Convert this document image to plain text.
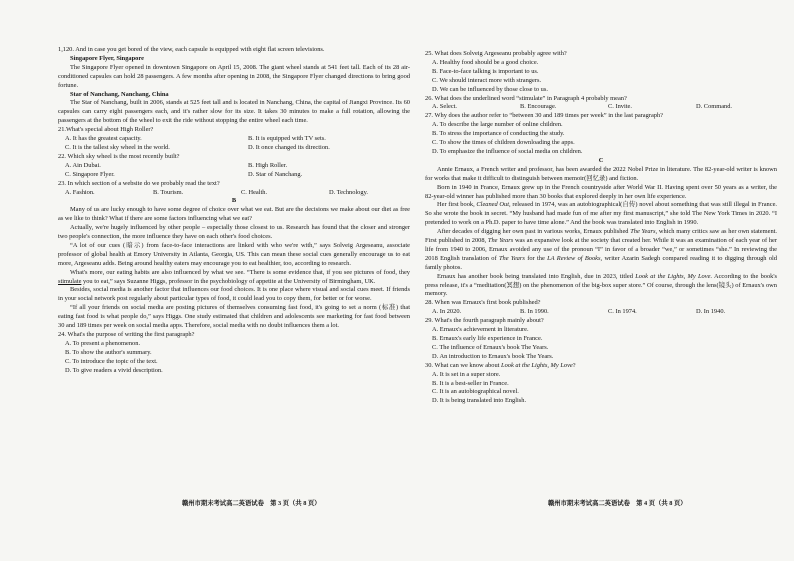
1,120. And in case you get bored of the view, each capsule is equipped with eight flat screen televisions.

Singapore Flyer, Singapore

The Singapore Flyer opened in downtown Singapore on April 15, 2008. The giant wheel stands at 541 feet tall. Each of its 28 air-conditioned capsules can hold 28 passengers. A few months after opening in 2008, the Singapore Flyer changed directions to bring good fortune.

Star of Nanchang, Nanchang, China

The Star of Nanchang, built in 2006, stands at 525 feet tall and is located in Nanchang, China, the capital of Jiangxi Province. Its 60 capsules can carry eight passengers each, and it's rather slow for its size. It takes 30 minutes to make a full rotation, allowing the passengers at the bottom of the wheel to exit the ride without stopping the entire wheel each time.

21.What's special about High Roller?

A. It has the greatest capacity.	B. It is equipped with TV sets.
C. It is the tallest sky wheel in the world.	D. It once changed its direction.

22. Which sky wheel is the most recently built?

A. Ain Dubai.	B. High Roller.
C. Singapore Flyer.	D. Star of Nanchang.

23. In which section of a website do we probably read the text?

A. Fashion.	B. Tourism.	C. Health.	D. Technology.

B

Many of us are lucky enough to have some degree of choice over what we eat. But are the decisions we make about our diet as free as we like to think? What if there are some factors influencing what we eat?

Actually, we're hugely influenced by other people – especially those closest to us. Research has found that the closer and stronger two people's connection, the more influence they have on each other's food choices.

“A lot of our cues (暗示) from face-to-face interactions are linked with who we're with,” says Solveig Argeseanu, associate professor of global health at Emory University in Atlanta, Georgia, US. This can mean these social cues generally encourage us to eat more, Argeseanu adds. Being around healthy eaters may encourage you to eat healthier, too, according to research.

What's more, our eating habits are also influenced by what we see. “There is some evidence that, if you see pictures of food, they stimulate you to eat,” says Suzanne Higgs, professor in the psychobiology of appetite at the University of Birmingham, UK.

Besides, social media is another factor that influences our food choices. It is one place where visual and social cues meet. If friends in your social network post regularly about particular types of food, it could lead you to copy them, for better or for worse.

“If all your friends on social media are posting pictures of themselves consuming fast food, it's going to set a norm (标准) that eating fast food is what people do,” says Higgs. One study estimated that children and adolescents see marketing for fast food between 30 and 189 times per week on social media apps. Therefore, social media with no doubt influences them a lot.

24. What's the purpose of writing the first paragraph?

A. To present a phenomenon.

B. To show the author's summary.

C. To introduce the topic of the text.

D. To give readers a vivid description.

赣州市期末考试高二英语试卷　第 3 页（共 8 页）

25. What does Solveig Argeseanu probably agree with?

A. Healthy food should be a good choice.

B. Face-to-face talking is important to us.

C. We should interact more with strangers.

D. We can be influenced by those close to us.

26. What does the underlined word “stimulate” in Paragraph 4 probably mean?

A. Select.	B. Encourage.	C. Invite.	D. Command.

27. Why does the author refer to “between 30 and 189 times per week” in the last paragraph?

A. To describe the large number of online children.

B. To stress the importance of conducting the study.

C. To show the times of children downloading the apps.

D. To emphasize the influence of social media on children.

C

Annie Ernaux, a French writer and professor, has been awarded the 2022 Nobel Prize in literature. The 82-year-old writer is known for works that make it difficult to distinguish between memoir(回忆录) and fiction.

Born in 1940 in France, Ernaux grew up in the French countryside after World War II. Having spent over 50 years as a writer, the 82-year-old winner has published more than 30 books that explored deeply in her own life experience.

Her first book, Cleaned Out, released in 1974, was an autobiographical(自传) novel about something that was still illegal in France. So she wrote the book in secret. “My husband had made fun of me after my first manuscript,” she told The New York Times in 2020. “I pretended to work on a Ph.D. paper to have time alone.” And the book was translated into English in 1990.

After decades of digging her own past in various works, Ernaux published The Years, which many critics saw as her own statement. First published in 2008, The Years was an expansive look at the society that created her. While it was an examination of each year of her life from 1940 to 2006, Ernaux avoided any use of the pronoun “I” in favor of a broader “we,” or sometimes “she.” In reviewing the 2018 English translation of The Years for the LA Review of Books, writer Azarin Sadegh compared reading it to digging through old family photos.

Ernaux has another book being translated into English, due in 2023, titled Look at the Lights, My Love. According to the book's press release, it's a “meditation(冥想) on the phenomenon of the big-box super store.” Of course, through the lens(镜头) of Ernaux's own memory.

28. When was Ernaux's first book published?

A. In 2020.	B. In 1990.	C. In 1974.	D. In 1940.

29. What's the fourth paragraph mainly about?

A. Ernaux's achievement in literature.

B. Ernaux's early life experience in France.

C. The influence of Ernaux's book The Years.

D. An introduction to Ernaux's book The Years.

30. What can we know about Look at the Lights, My Love?

A. It is set in a super store.

B. It is a best-seller in France.

C. It is an autobiographical novel.

D. It is being translated into English.

赣州市期末考试高二英语试卷　第 4 页（共 8 页）
